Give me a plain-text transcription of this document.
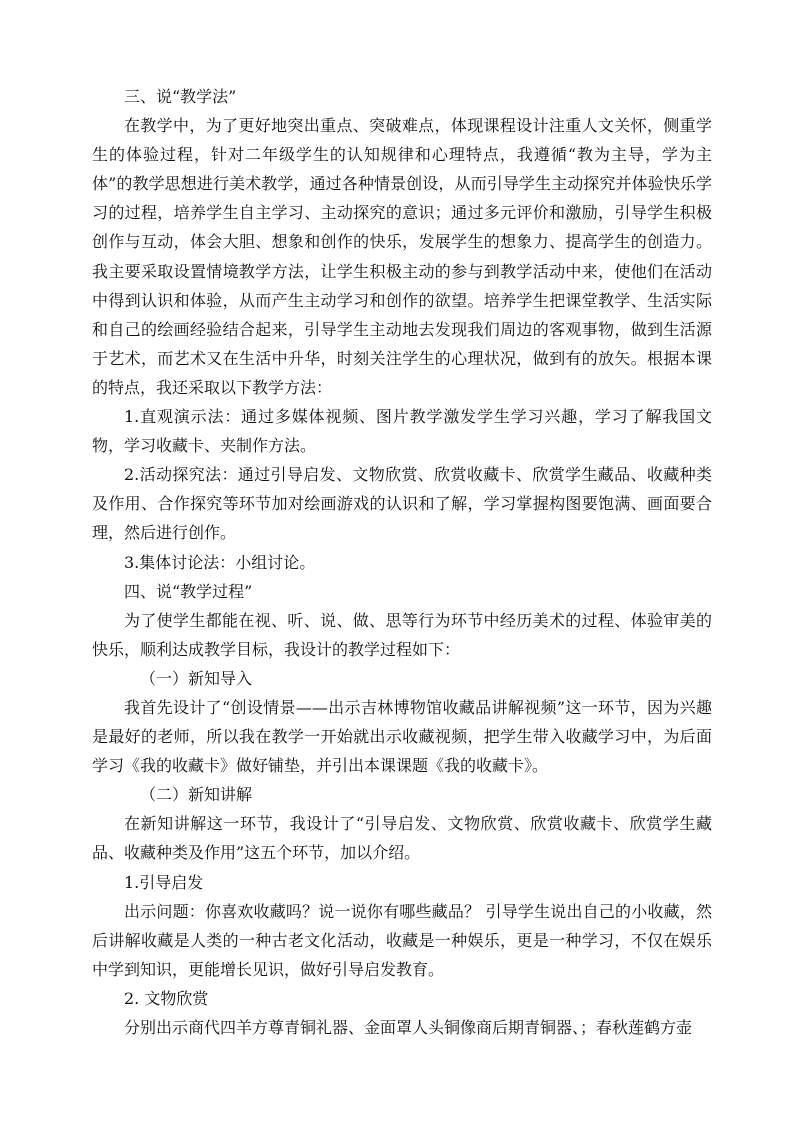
三、说“教学法”

在教学中，为了更好地突出重点、突破难点，体现课程设计注重人文关怀，侧重学生的体验过程，针对二年级学生的认知规律和心理特点，我遵循“教为主导，学为主体”的教学思想进行美术教学，通过各种情景创设，从而引导学生主动探究并体验快乐学习的过程，培养学生自主学习、主动探究的意识；通过多元评价和激励，引导学生积极创作与互动，体会大胆、想象和创作的快乐，发展学生的想象力、提高学生的创造力。我主要采取设置情境教学方法，让学生积极主动的参与到教学活动中来，使他们在活动中得到认识和体验，从而产生主动学习和创作的欲望。培养学生把课堂教学、生活实际和自己的绘画经验结合起来，引导学生主动地去发现我们周边的客观事物，做到生活源于艺术，而艺术又在生活中升华，时刻关注学生的心理状况，做到有的放矢。根据本课的特点，我还采取以下教学方法：

1.直观演示法：通过多媒体视频、图片教学激发学生学习兴趣，学习了解我国文物，学习收藏卡、夹制作方法。

2.活动探究法：通过引导启发、文物欣赏、欣赏收藏卡、欣赏学生藏品、收藏种类及作用、合作探究等环节加对绘画游戏的认识和了解，学习掌握构图要饱满、画面要合理，然后进行创作。

3.集体讨论法：小组讨论。

四、说“教学过程”

为了使学生都能在视、听、说、做、思等行为环节中经历美术的过程、体验审美的快乐，顺利达成教学目标，我设计的教学过程如下：

（一）新知导入

我首先设计了“创设情景——出示吉林博物馆收藏品讲解视频”这一环节，因为兴趣是最好的老师，所以我在教学一开始就出示收藏视频，把学生带入收藏学习中，为后面学习《我的收藏卡》做好铺垫，并引出本课课题《我的收藏卡》。

（二）新知讲解

在新知讲解这一环节，我设计了“引导启发、文物欣赏、欣赏收藏卡、欣赏学生藏品、收藏种类及作用”这五个环节，加以介绍。

1.引导启发

出示问题：你喜欢收藏吗？说一说你有哪些藏品？ 引导学生说出自己的小收藏，然后讲解收藏是人类的一种古老文化活动，收藏是一种娱乐，更是一种学习，不仅在娱乐中学到知识，更能增长见识，做好引导启发教育。

2. 文物欣赏

分别出示商代四羊方尊青铜礼器、金面罩人头铜像商后期青铜器、；春秋莲鹤方壶
